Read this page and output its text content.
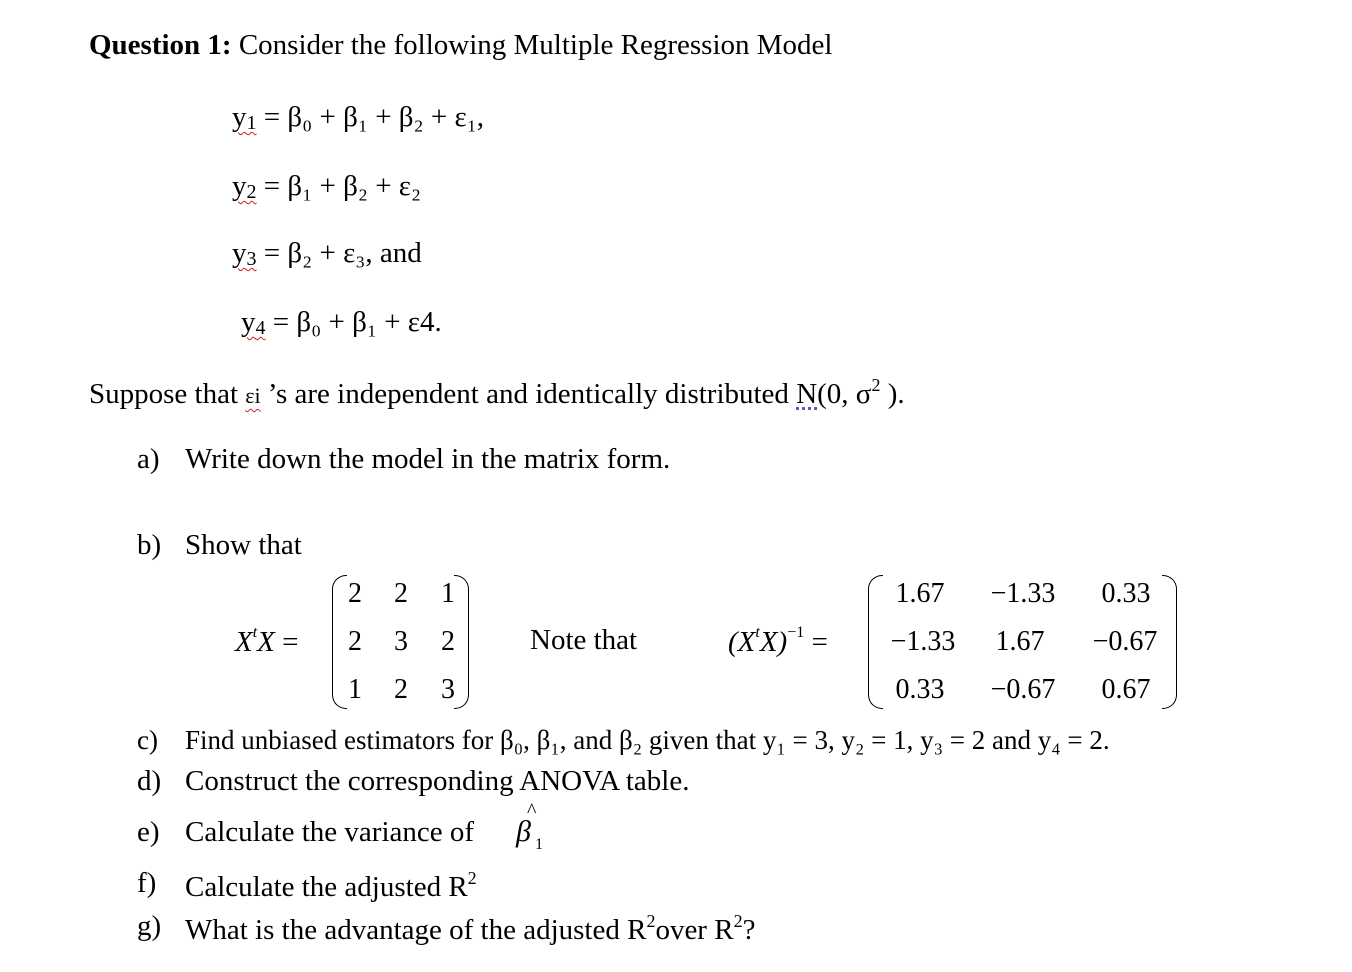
Question 1: Consider the following Multiple Regression Model
y1 = β₀ + β₁ + β₂ + ε₁,
y2 = β₁ + β₂ + ε₂
y3 = β₂ + ε₃, and
y4 = β₀ + β₁ + ε4.
Suppose that εi ’s are independent and identically distributed N(0, $\sigma^2$ ).
a) Write down the model in the matrix form.
b) Show that
$X^tX$ =
2 2 1
2 3 2
1 2 3
Note that	$(X^tX)^{-1}$ =
1.67	−1.33	0.33
−1.33	1.67	−0.67
0.33	−0.67	0.67
c) Find unbiased estimators for β₀, β₁, and β₂ given that y₁ = 3, y₂ = 1, y₃ = 2 and y₄ = 2.
d) Construct the corresponding ANOVA table.
e) Calculate the variance of β
^
1
f) Calculate the adjusted $R^2$
g) What is the advantage of the adjusted $R^2over$ $R^2$?
